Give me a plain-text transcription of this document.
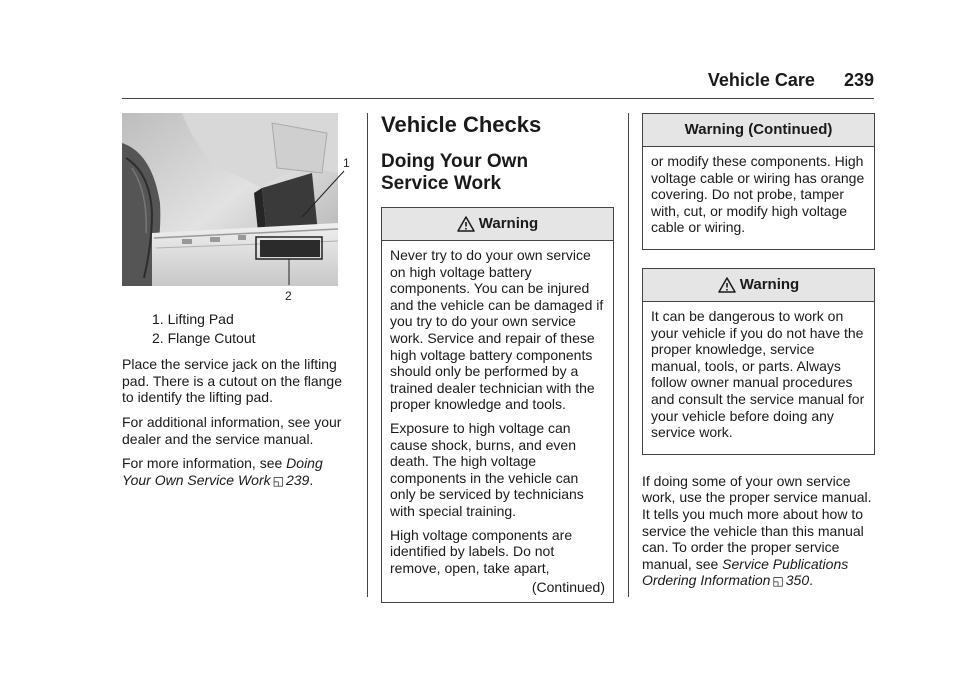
Vehicle Care 239
1
2
1. Lifting Pad
2. Flange Cutout

Place the service jack on the lifting pad. There is a cutout on the flange to identify the lifting pad.

For additional information, see your dealer and the service manual.

For more information, see Doing Your Own Service Work ◱ 239.

Vehicle Checks
Doing Your Own
Service Work
Warning

Never try to do your own service on high voltage battery components. You can be injured and the vehicle can be damaged if you try to do your own service work. Service and repair of these high voltage battery components should only be performed by a trained dealer technician with the proper knowledge and tools.

Exposure to high voltage can cause shock, burns, and even death. The high voltage components in the vehicle can only be serviced by technicians with special training.

High voltage components are identified by labels. Do not remove, open, take apart,

(Continued)
Warning (Continued)

or modify these components. High voltage cable or wiring has orange covering. Do not probe, tamper with, cut, or modify high voltage cable or wiring.

Warning

It can be dangerous to work on your vehicle if you do not have the proper knowledge, service manual, tools, or parts. Always follow owner manual procedures and consult the service manual for your vehicle before doing any service work.

If doing some of your own service work, use the proper service manual. It tells you much more about how to service the vehicle than this manual can. To order the proper service manual, see Service Publications Ordering Information ◱ 350.
